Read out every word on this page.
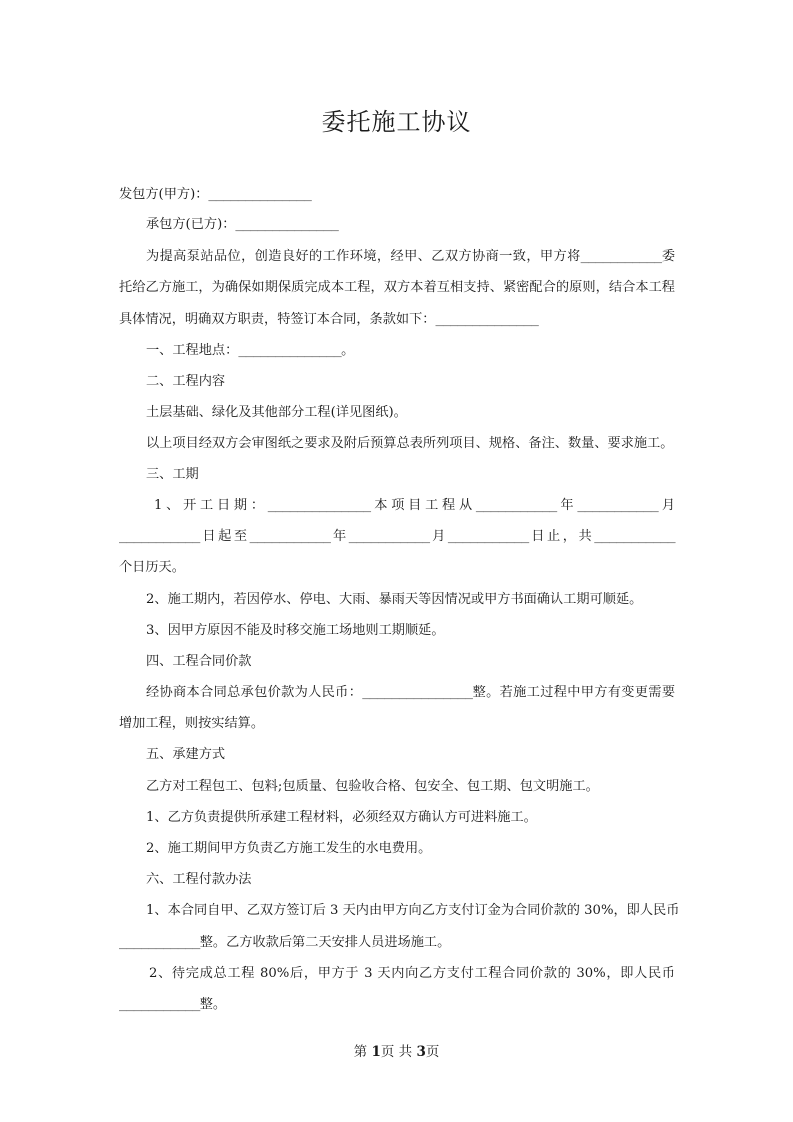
委托施工协议
发包方(甲方)：______________
承包方(已方)：______________
为提高泵站品位，创造良好的工作环境，经甲、乙双方协商一致，甲方将___________委
托给乙方施工，为确保如期保质完成本工程，双方本着互相支持、紧密配合的原则，结合本工程
具体情况，明确双方职责，特签订本合同，条款如下：______________
一、工程地点：______________。
二、工程内容
土层基础、绿化及其他部分工程(详见图纸)。
以上项目经双方会审图纸之要求及附后预算总表所列项目、规格、备注、数量、要求施工。
三、工期
1、开工日期：______________本项目工程从___________年___________月
___________日起至___________年___________月___________日止，共___________
个日历天。
2、施工期内，若因停水、停电、大雨、暴雨天等因情况或甲方书面确认工期可顺延。
3、因甲方原因不能及时移交施工场地则工期顺延。
四、工程合同价款
经协商本合同总承包价款为人民币：_______________整。若施工过程中甲方有变更需要
增加工程，则按实结算。
五、承建方式
乙方对工程包工、包料;包质量、包验收合格、包安全、包工期、包文明施工。
1、乙方负责提供所承建工程材料，必须经双方确认方可进料施工。
2、施工期间甲方负责乙方施工发生的水电费用。
六、工程付款办法
1、本合同自甲、乙双方签订后 3 天内由甲方向乙方支付订金为合同价款的 30%，即人民币
___________整。乙方收款后第二天安排人员进场施工。
2、待完成总工程 80%后，甲方于 3 天内向乙方支付工程合同价款的 30%，即人民币
___________整。
第 1页 共 3页
